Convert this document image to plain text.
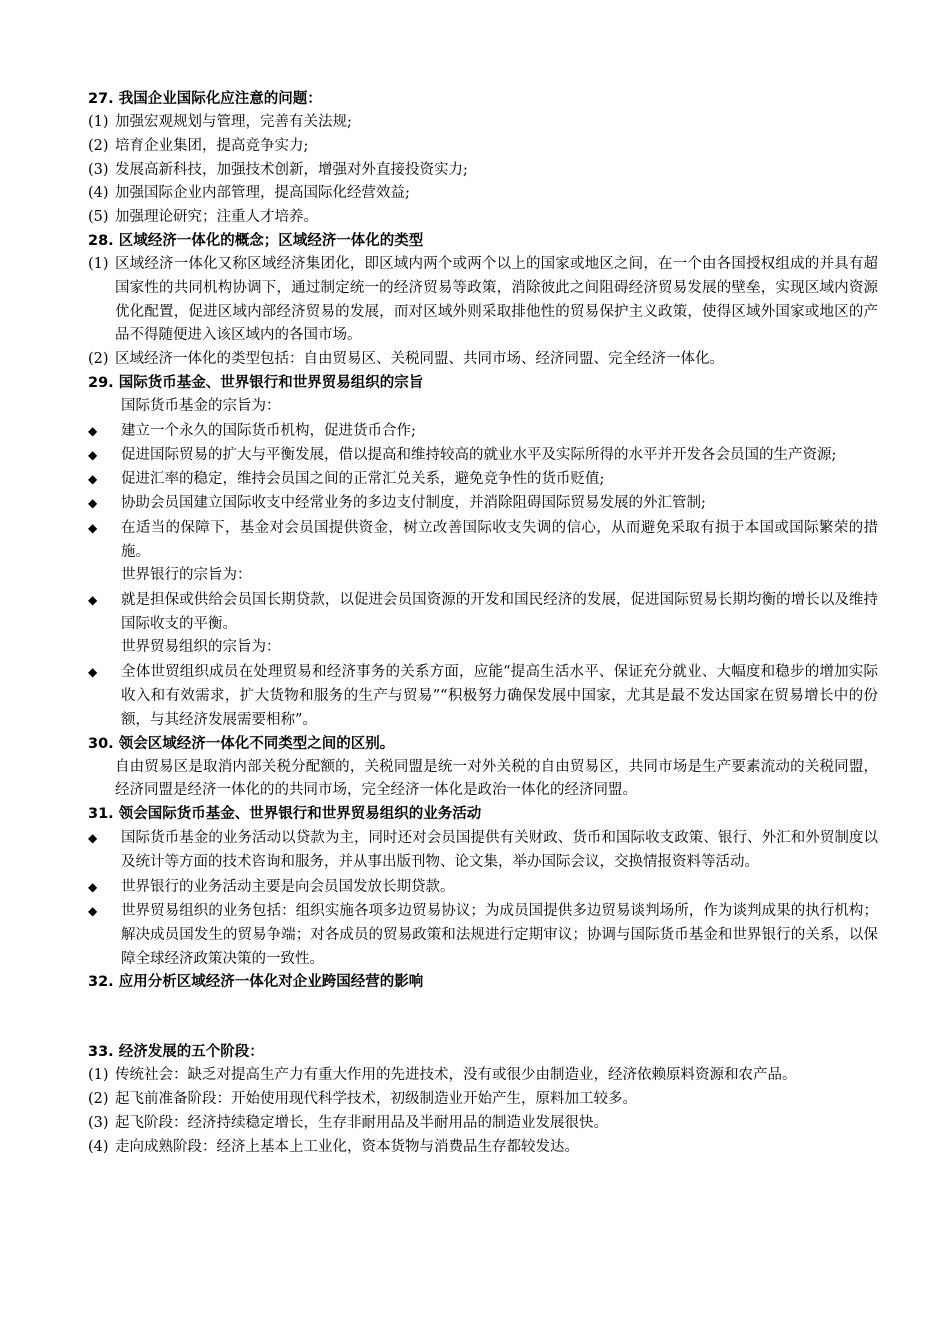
27. 我国企业国际化应注意的问题：
(1) 加强宏观规划与管理，完善有关法规;
(2) 培育企业集团，提高竞争实力;
(3) 发展高新科技，加强技术创新，增强对外直接投资实力;
(4) 加强国际企业内部管理，提高国际化经营效益;
(5) 加强理论研究；注重人才培养。
28. 区域经济一体化的概念；区域经济一体化的类型
(1) 区域经济一体化又称区域经济集团化，即区域内两个或两个以上的国家或地区之间，在一个由各国授权组成的并具有超国家性的共同机构协调下，通过制定统一的经济贸易等政策，消除彼此之间阻碍经济贸易发展的壁垒，实现区域内资源优化配置，促进区域内部经济贸易的发展，而对区域外则采取排他性的贸易保护主义政策，使得区域外国家或地区的产品不得随便进入该区域内的各国市场。
(2) 区域经济一体化的类型包括：自由贸易区、关税同盟、共同市场、经济同盟、完全经济一体化。
29. 国际货币基金、世界银行和世界贸易组织的宗旨
国际货币基金的宗旨为：
◆ 建立一个永久的国际货币机构，促进货币合作;
◆ 促进国际贸易的扩大与平衡发展，借以提高和维持较高的就业水平及实际所得的水平并开发各会员国的生产资源;
◆ 促进汇率的稳定，维持会员国之间的正常汇兑关系，避免竞争性的货币贬值;
◆ 协助会员国建立国际收支中经常业务的多边支付制度，并消除阻碍国际贸易发展的外汇管制;
◆ 在适当的保障下，基金对会员国提供资金，树立改善国际收支失调的信心，从而避免采取有损于本国或国际繁荣的措施。
世界银行的宗旨为：
◆ 就是担保或供给会员国长期贷款，以促进会员国资源的开发和国民经济的发展，促进国际贸易长期均衡的增长以及维持国际收支的平衡。
世界贸易组织的宗旨为：
◆ 全体世贸组织成员在处理贸易和经济事务的关系方面，应能“提高生活水平、保证充分就业、大幅度和稳步的增加实际收入和有效需求，扩大货物和服务的生产与贸易”“积极努力确保发展中国家，尤其是最不发达国家在贸易增长中的份额，与其经济发展需要相称”。
30. 领会区域经济一体化不同类型之间的区别。
自由贸易区是取消内部关税分配额的，关税同盟是统一对外关税的自由贸易区，共同市场是生产要素流动的关税同盟，经济同盟是经济一体化的的共同市场，完全经济一体化是政治一体化的经济同盟。
31. 领会国际货币基金、世界银行和世界贸易组织的业务活动
◆ 国际货币基金的业务活动以贷款为主，同时还对会员国提供有关财政、货币和国际收支政策、银行、外汇和外贸制度以及统计等方面的技术咨询和服务，并从事出版刊物、论文集，举办国际会议，交换情报资料等活动。
◆ 世界银行的业务活动主要是向会员国发放长期贷款。
◆ 世界贸易组织的业务包括：组织实施各项多边贸易协议；为成员国提供多边贸易谈判场所，作为谈判成果的执行机构；解决成员国发生的贸易争端；对各成员的贸易政策和法规进行定期审议；协调与国际货币基金和世界银行的关系，以保障全球经济政策决策的一致性。
32. 应用分析区域经济一体化对企业跨国经营的影响
33. 经济发展的五个阶段：
(1) 传统社会：缺乏对提高生产力有重大作用的先进技术，没有或很少由制造业，经济依赖原料资源和农产品。
(2) 起飞前准备阶段：开始使用现代科学技术，初级制造业开始产生，原料加工较多。
(3) 起飞阶段：经济持续稳定增长，生存非耐用品及半耐用品的制造业发展很快。
(4) 走向成熟阶段：经济上基本上工业化，资本货物与消费品生存都较发达。
